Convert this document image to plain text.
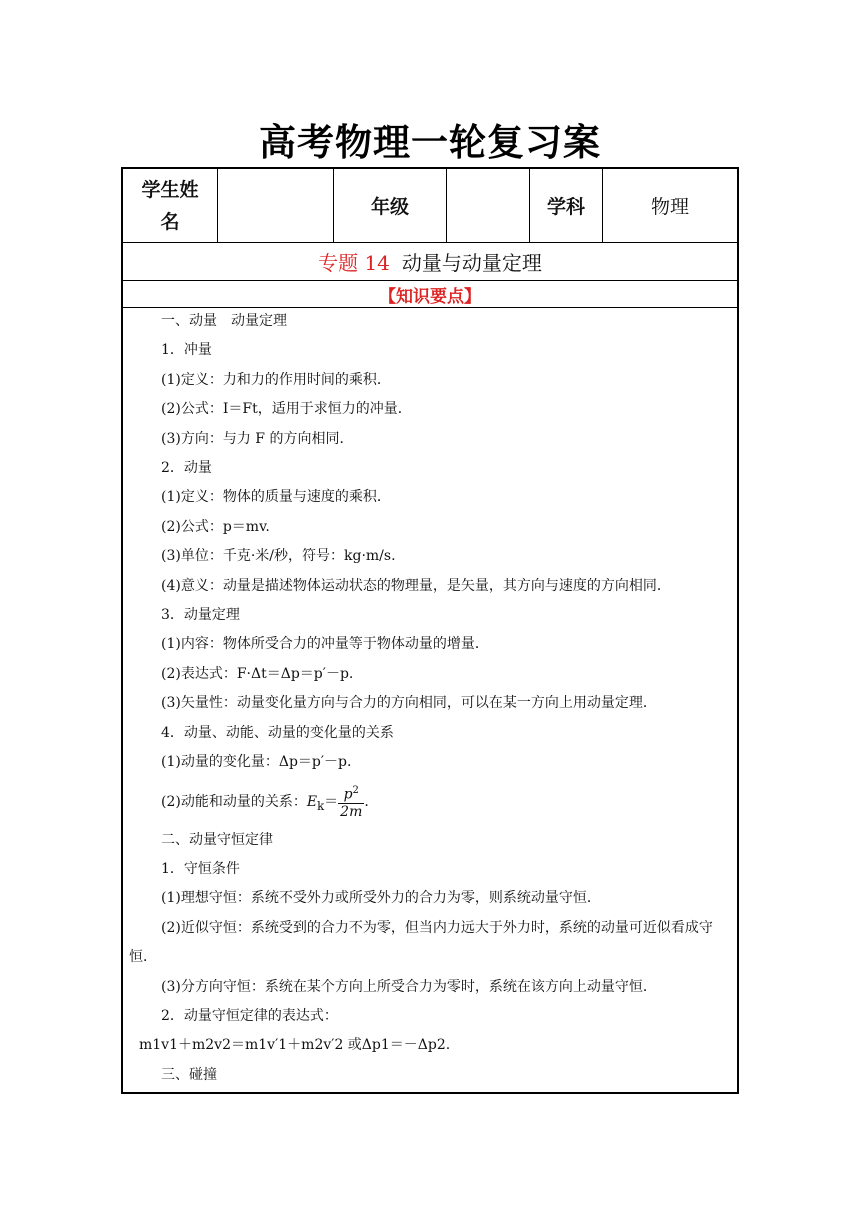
高考物理一轮复习案
学生姓名
年级	学科	物理
专题 14 动量与动量定理
【知识要点】
一、动量　动量定理
1．冲量
(1)定义：力和力的作用时间的乘积．
(2)公式：I＝Ft，适用于求恒力的冲量．
(3)方向：与力 F 的方向相同．
2．动量
(1)定义：物体的质量与速度的乘积．
(2)公式：p＝mv.
(3)单位：千克·米/秒，符号：kg·m/s.
(4)意义：动量是描述物体运动状态的物理量，是矢量，其方向与速度的方向相同．
3．动量定理
(1)内容：物体所受合力的冲量等于物体动量的增量．
(2)表达式：F·Δt＝Δp＝p′－p.
(3)矢量性：动量变化量方向与合力的方向相同，可以在某一方向上用动量定理．
4．动量、动能、动量的变化量的关系
(1)动量的变化量：Δp＝p′－p.
(2)动能和动量的关系：$E_k= \frac{p^2}{2m}$ .
二、动量守恒定律
1．守恒条件
(1)理想守恒：系统不受外力或所受外力的合力为零，则系统动量守恒．
(2)近似守恒：系统受到的合力不为零，但当内力远大于外力时，系统的动量可近似看成守恒．
(3)分方向守恒：系统在某个方向上所受合力为零时，系统在该方向上动量守恒．
2．动量守恒定律的表达式：
m1v1＋m2v2＝m1v′1＋m2v′2 或Δp1＝－Δp2.
三、碰撞
